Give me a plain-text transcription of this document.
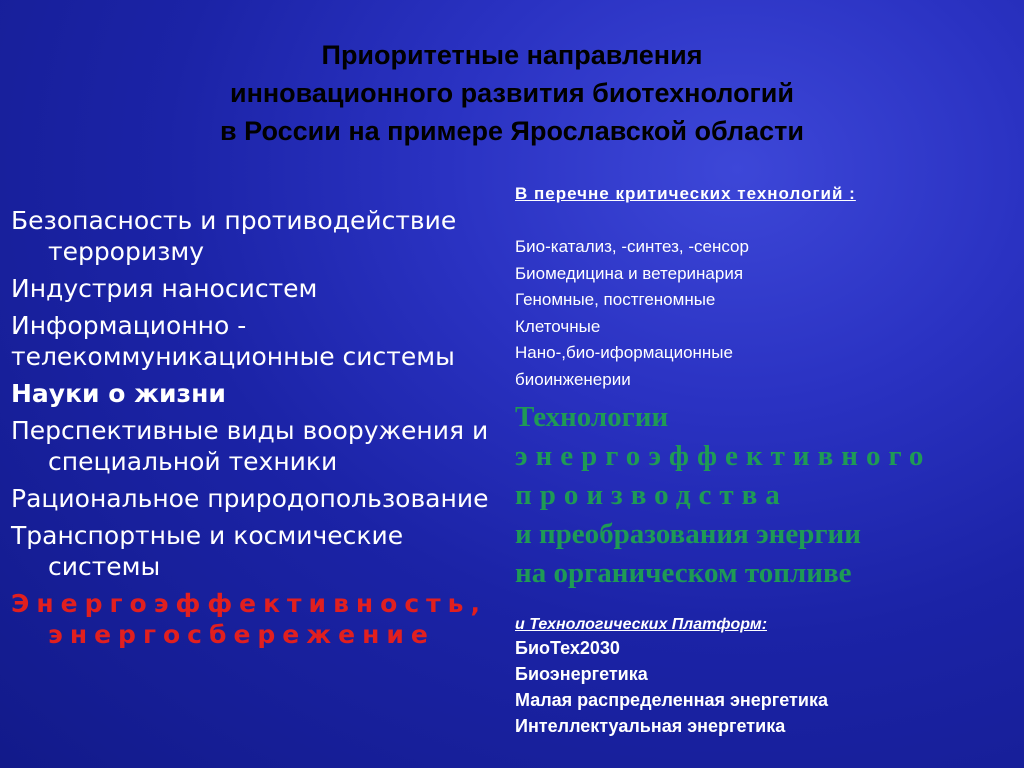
Приоритетные направления
инновационного развития биотехнологий
в России на примере Ярославской области
Безопасность и противодействие терроризму
Индустрия наносистем
Информационно -
телекоммуникационные системы
Науки о жизни
Перспективные виды вооружения и специальной техники
Рациональное природопользование
Транспортные и космические системы
Энергоэффективность, энергосбережение
В перечне критических технологий :
Био-катализ, -синтез, -сенсор
Биомедицина и ветеринария
Геномные, постгеномные
Клеточные
Нано-,био-иформационные
биоинженерии
Технологии
энергоэффективного
производства
и преобразования энергии
на органическом топливе
и Технологических Платформ:
БиоТех2030
Биоэнергетика
Малая распределенная энергетика
Интеллектуальная энергетика
